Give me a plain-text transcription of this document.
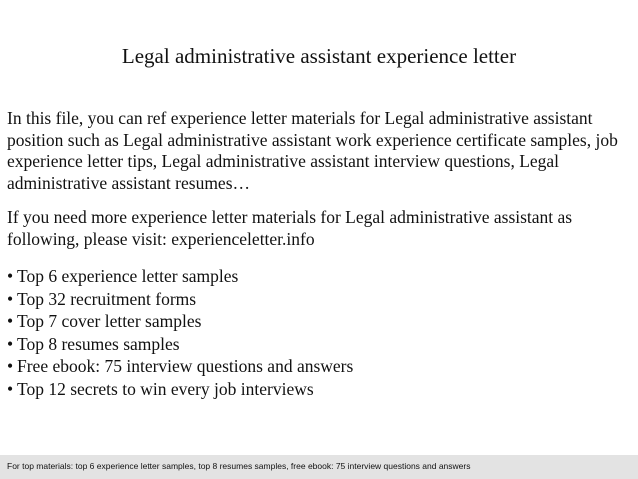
Legal administrative assistant experience letter
In this file, you can ref experience letter materials for Legal administrative assistant position such as Legal administrative assistant work experience certificate samples, job experience letter tips, Legal administrative assistant interview questions, Legal administrative assistant resumes…
If you need more experience letter materials for Legal administrative assistant as following, please visit: experienceletter.info
• Top 6 experience letter samples
• Top 32 recruitment forms
• Top 7 cover letter samples
• Top 8 resumes samples
• Free ebook: 75 interview questions and answers
• Top 12 secrets to win every job interviews
For top materials: top 6 experience letter samples, top 8 resumes samples, free ebook: 75 interview questions and answers
